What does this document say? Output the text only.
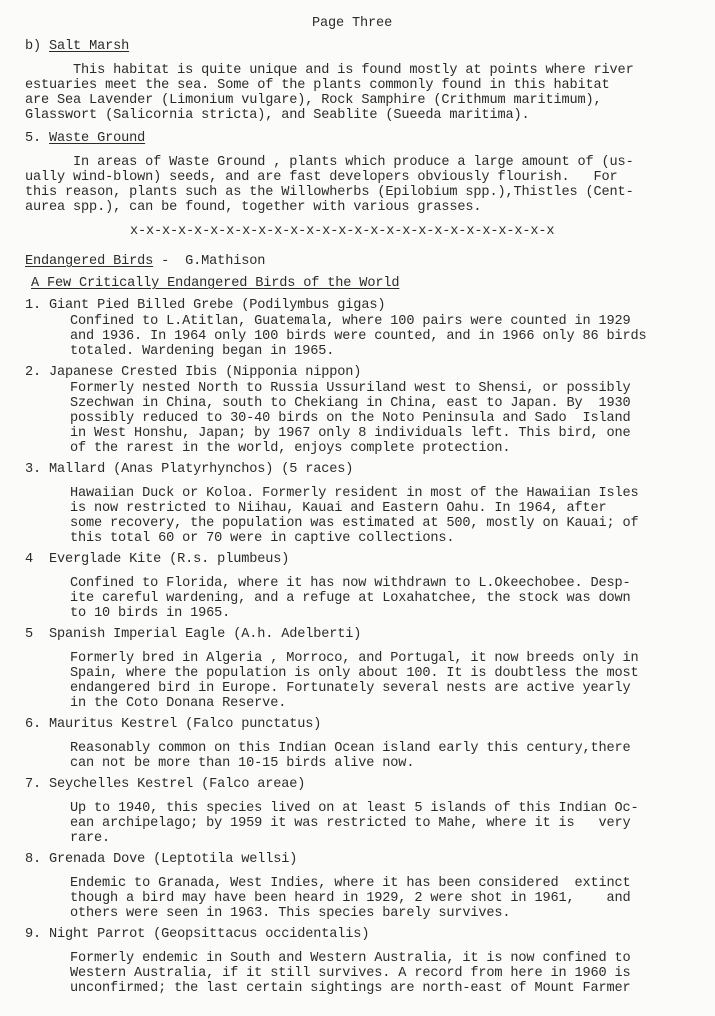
Page Three
b) Salt Marsh
This habitat is quite unique and is found mostly at points where river
estuaries meet the sea. Some of the plants commonly found in this habitat
are Sea Lavender (Limonium vulgare), Rock Samphire (Crithmum maritimum),
Glasswort (Salicornia stricta), and Seablite (Sueeda maritima).
5. Waste Ground
In areas of Waste Ground , plants which produce a large amount of (us-
ually wind-blown) seeds, and are fast developers obviously flourish.   For
this reason, plants such as the Willowherbs (Epilobium spp.),Thistles (Cent-
aurea spp.), can be found, together with various grasses.
x-x-x-x-x-x-x-x-x-x-x-x-x-x-x-x-x-x-x-x-x-x-x-x-x-x-x
Endangered Birds -  G.Mathison
A Few Critically Endangered Birds of the World
1. Giant Pied Billed Grebe (Podilymbus gigas)
Confined to L.Atitlan, Guatemala, where 100 pairs were counted in 1929
and 1936. In 1964 only 100 birds were counted, and in 1966 only 86 birds
totaled. Wardening began in 1965.
2. Japanese Crested Ibis (Nipponia nippon)
Formerly nested North to Russia Ussuriland west to Shensi, or possibly
Szechwan in China, south to Chekiang in China, east to Japan. By  1930
possibly reduced to 30-40 birds on the Noto Peninsula and Sado  Island
in West Honshu, Japan; by 1967 only 8 individuals left. This bird, one
of the rarest in the world, enjoys complete protection.
3. Mallard (Anas Platyrhynchos) (5 races)
Hawaiian Duck or Koloa. Formerly resident in most of the Hawaiian Isles
is now restricted to Niihau, Kauai and Eastern Oahu. In 1964, after
some recovery, the population was estimated at 500, mostly on Kauai; of
this total 60 or 70 were in captive collections.
4  Everglade Kite (R.s. plumbeus)
Confined to Florida, where it has now withdrawn to L.Okeechobee. Desp-
ite careful wardening, and a refuge at Loxahatchee, the stock was down
to 10 birds in 1965.
5  Spanish Imperial Eagle (A.h. Adelberti)
Formerly bred in Algeria , Morroco, and Portugal, it now breeds only in
Spain, where the population is only about 100. It is doubtless the most
endangered bird in Europe. Fortunately several nests are active yearly
in the Coto Donana Reserve.
6. Mauritus Kestrel (Falco punctatus)
Reasonably common on this Indian Ocean island early this century,there
can not be more than 10-15 birds alive now.
7. Seychelles Kestrel (Falco areae)
Up to 1940, this species lived on at least 5 islands of this Indian Oc-
ean archipelago; by 1959 it was restricted to Mahe, where it is   very
rare.
8. Grenada Dove (Leptotila wellsi)
Endemic to Granada, West Indies, where it has been considered  extinct
though a bird may have been heard in 1929, 2 were shot in 1961,    and
others were seen in 1963. This species barely survives.
9. Night Parrot (Geopsittacus occidentalis)
Formerly endemic in South and Western Australia, it is now confined to
Western Australia, if it still survives. A record from here in 1960 is
unconfirmed; the last certain sightings are north-east of Mount Farmer
